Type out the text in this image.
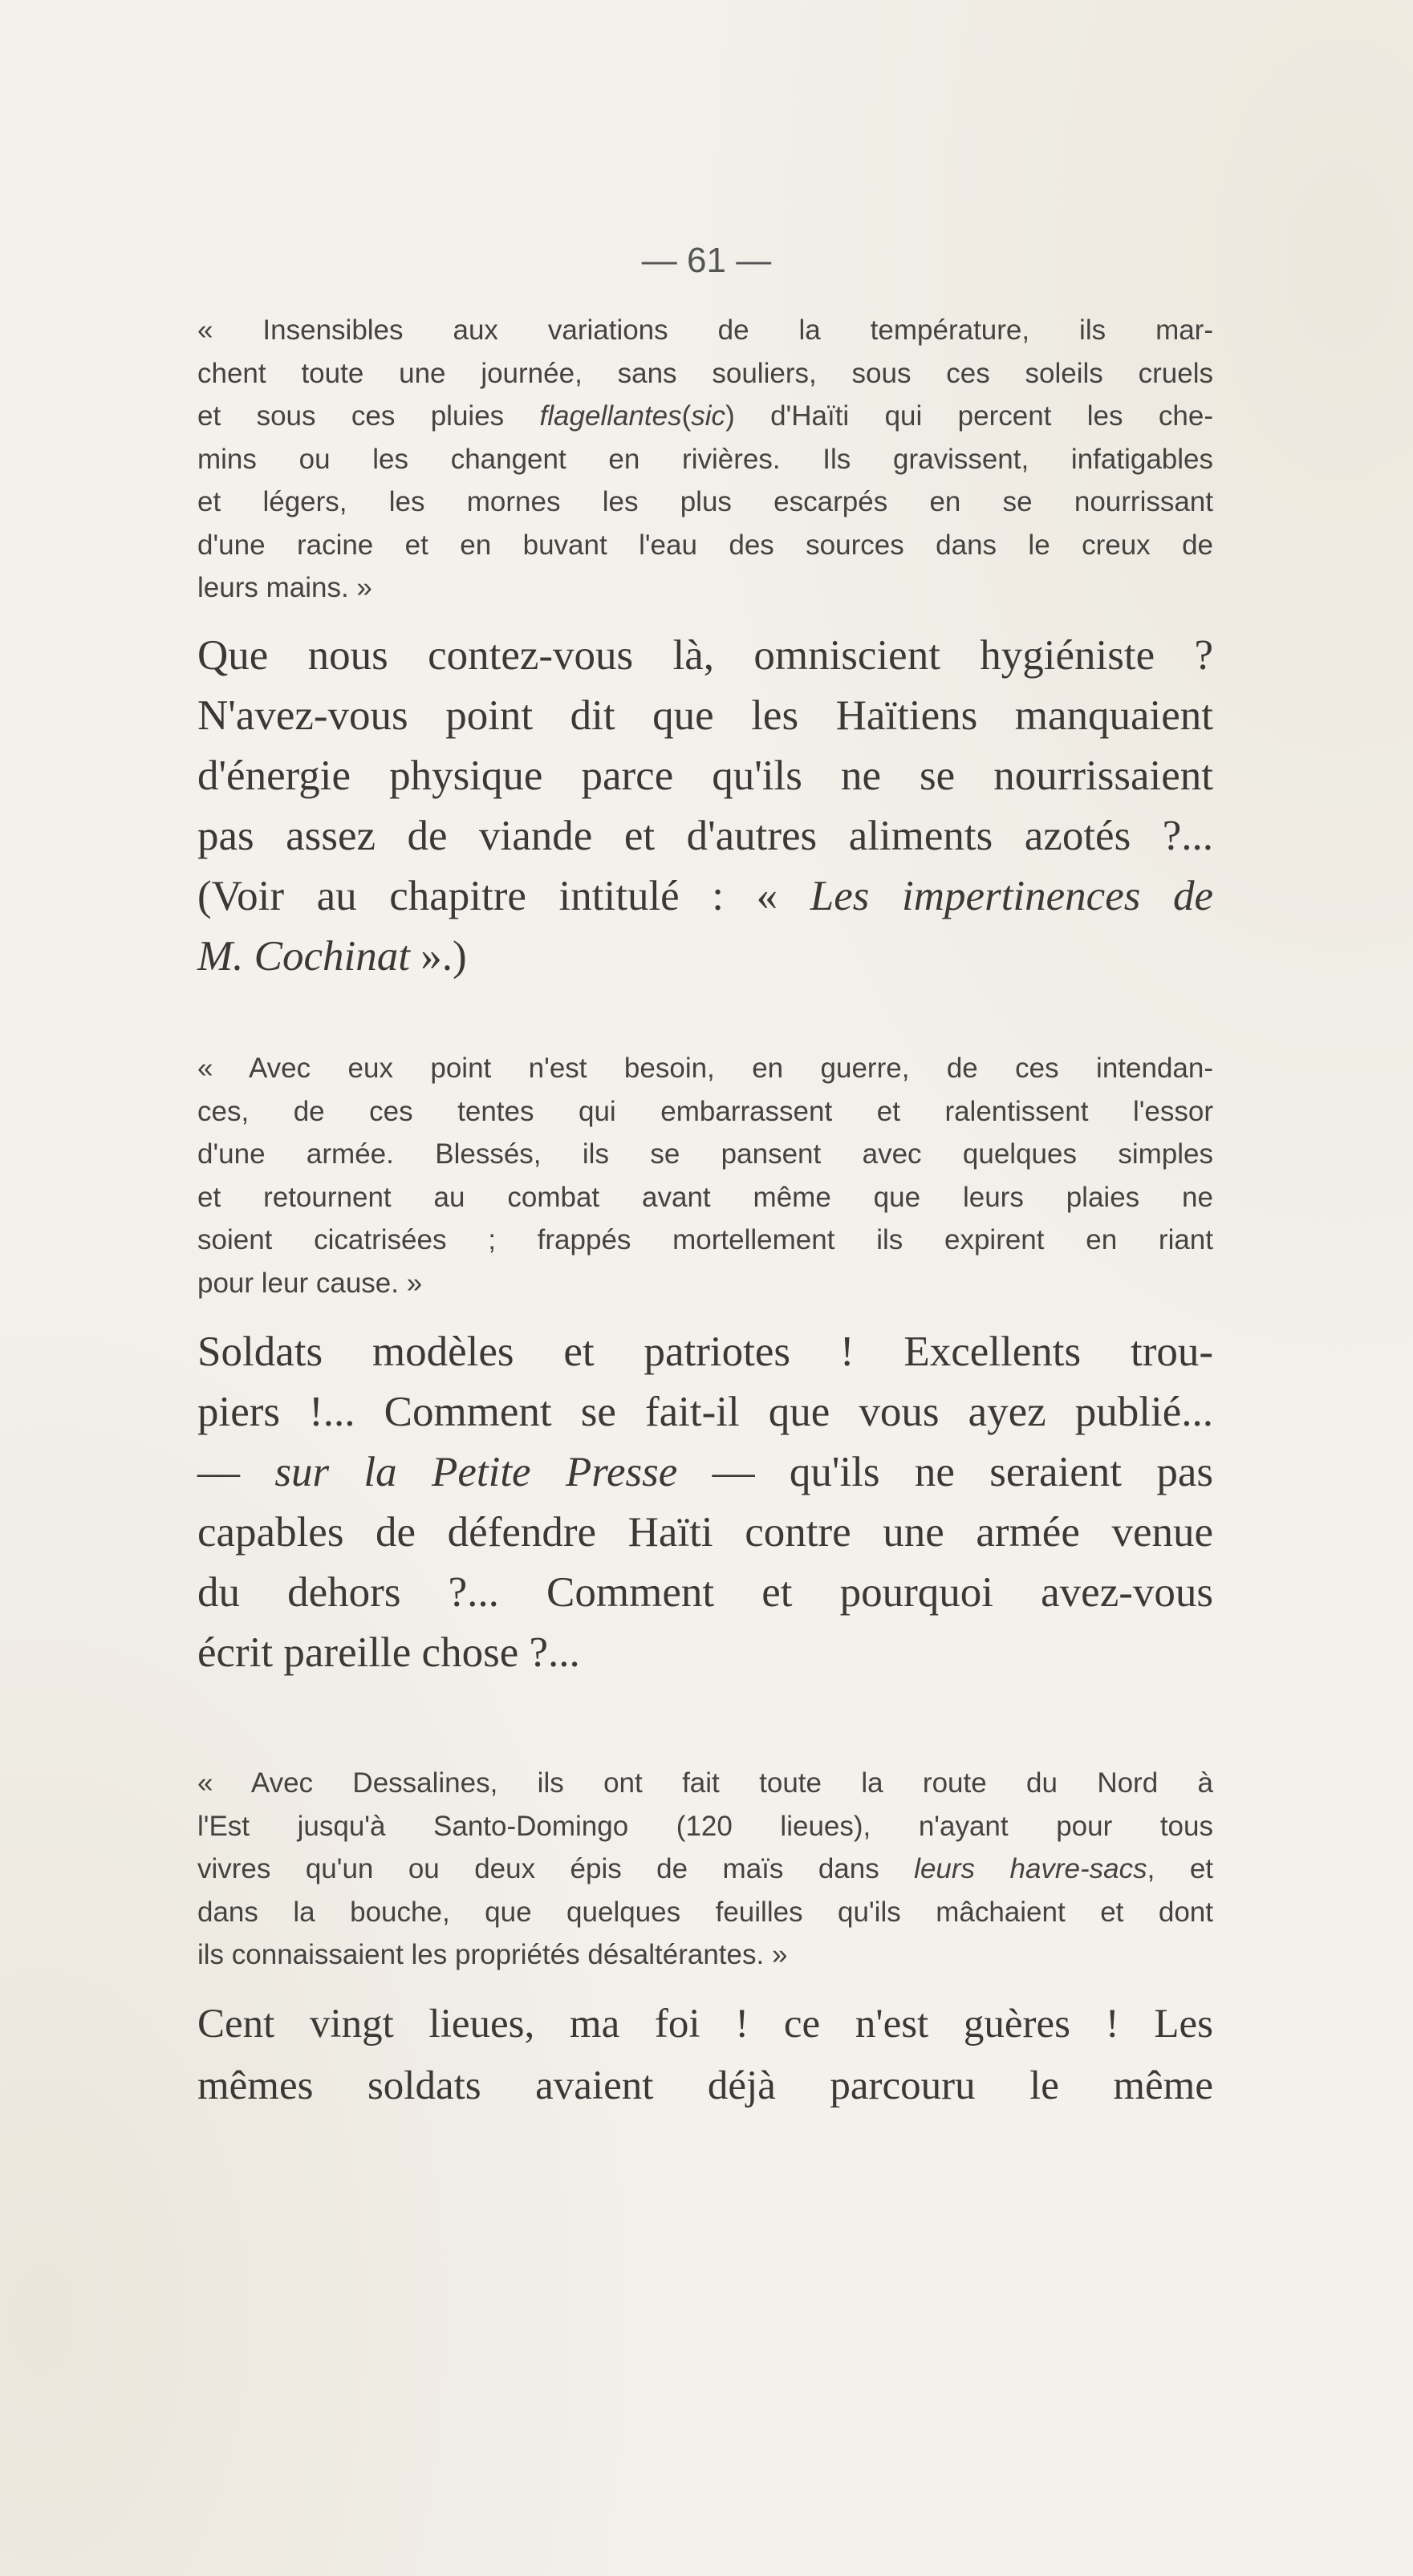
— 61 —
« Insensibles aux variations de la température, ils mar-
chent toute une journée, sans souliers, sous ces soleils cruels
et sous ces pluies flagellantes(sic) d'Haïti qui percent les che-
mins ou les changent en rivières. Ils gravissent, infatigables
et légers, les mornes les plus escarpés en se nourrissant
d'une racine et en buvant l'eau des sources dans le creux de
leurs mains. »
Que nous contez-vous là, omniscient hygiéniste ?
N'avez-vous point dit que les Haïtiens manquaient
d'énergie physique parce qu'ils ne se nourrissaient
pas assez de viande et d'autres aliments azotés ?...
(Voir au chapitre intitulé : « Les impertinences de
M. Cochinat ».)
« Avec eux point n'est besoin, en guerre, de ces intendan-
ces, de ces tentes qui embarrassent et ralentissent l'essor
d'une armée. Blessés, ils se pansent avec quelques simples
et retournent au combat avant même que leurs plaies ne
soient cicatrisées ; frappés mortellement ils expirent en riant
pour leur cause. »
Soldats modèles et patriotes ! Excellents trou-
piers !... Comment se fait-il que vous ayez publié...
— sur la Petite Presse — qu'ils ne seraient pas
capables de défendre Haïti contre une armée venue
du dehors ?... Comment et pourquoi avez-vous
écrit pareille chose ?...
« Avec Dessalines, ils ont fait toute la route du Nord à
l'Est jusqu'à Santo-Domingo (120 lieues), n'ayant pour tous
vivres qu'un ou deux épis de maïs dans leurs havre-sacs, et
dans la bouche, que quelques feuilles qu'ils mâchaient et dont
ils connaissaient les propriétés désaltérantes. »
Cent vingt lieues, ma foi ! ce n'est guères ! Les
mêmes soldats avaient déjà parcouru le même
